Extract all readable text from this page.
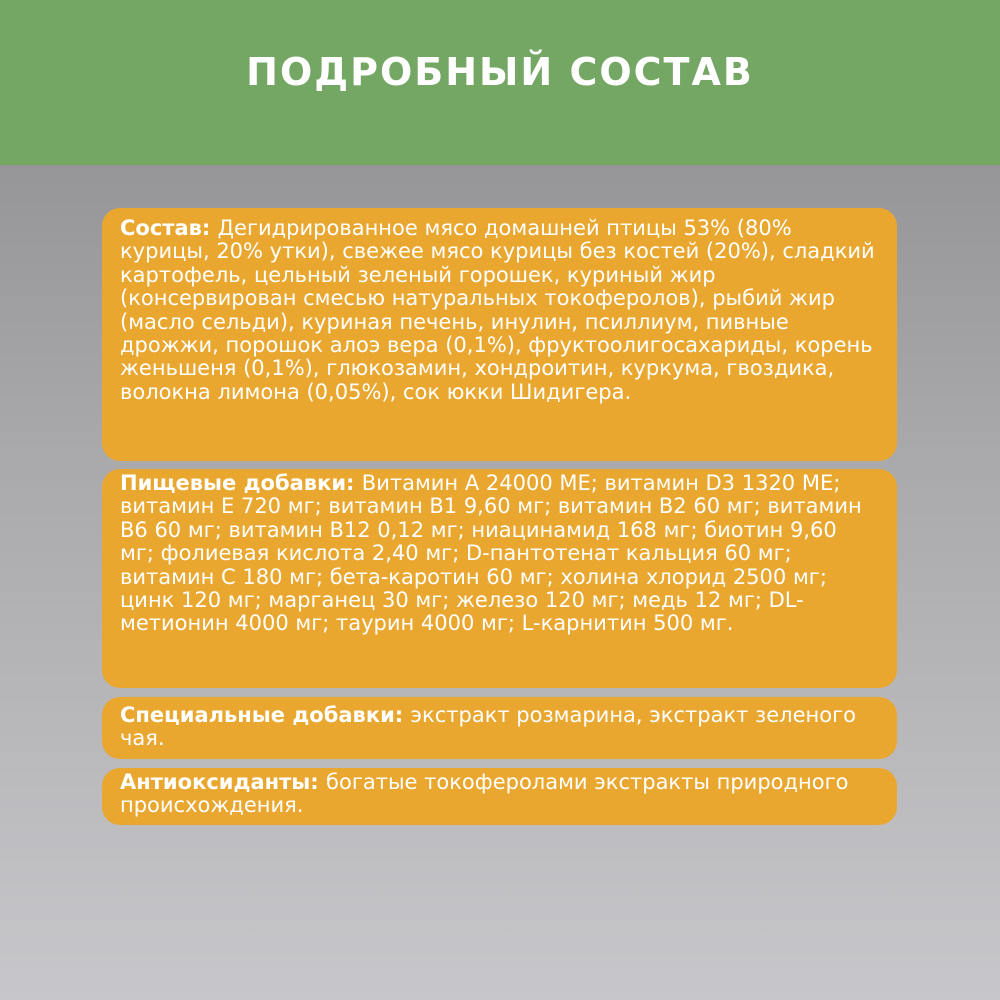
ПОДРОБНЫЙ СОСТАВ
Состав: Дегидрированное мясо домашней птицы 53% (80% курицы, 20% утки), свежее мясо курицы без костей (20%), сладкий картофель, цельный зеленый горошек, куриный жир (консервирован смесью натуральных токоферолов), рыбий жир (масло сельди), куриная печень, инулин, псиллиум, пивные дрожжи, порошок алоэ вера (0,1%), фруктоолигосахариды, корень женьшеня (0,1%), глюкозамин, хондроитин, куркума, гвоздика, волокна лимона (0,05%), сок юкки Шидигера.
Пищевые добавки: Витамин А 24000 МЕ; витамин D3 1320 МЕ; витамин Е 720 мг; витамин B1 9,60 мг; витамин B2 60 мг; витамин B6 60 мг; витамин B12 0,12 мг; ниацинамид 168 мг; биотин 9,60 мг; фолиевая кислота 2,40 мг; D-пантотенат кальция 60 мг; витамин С 180 мг; бета-каротин 60 мг; холина хлорид 2500 мг; цинк 120 мг; марганец 30 мг; железо 120 мг; медь 12 мг; DL-метионин 4000 мг; таурин 4000 мг; L-карнитин 500 мг.
Специальные добавки: экстракт розмарина, экстракт зеленого чая.
Антиоксиданты: богатые токоферолами экстракты природного происхождения.
